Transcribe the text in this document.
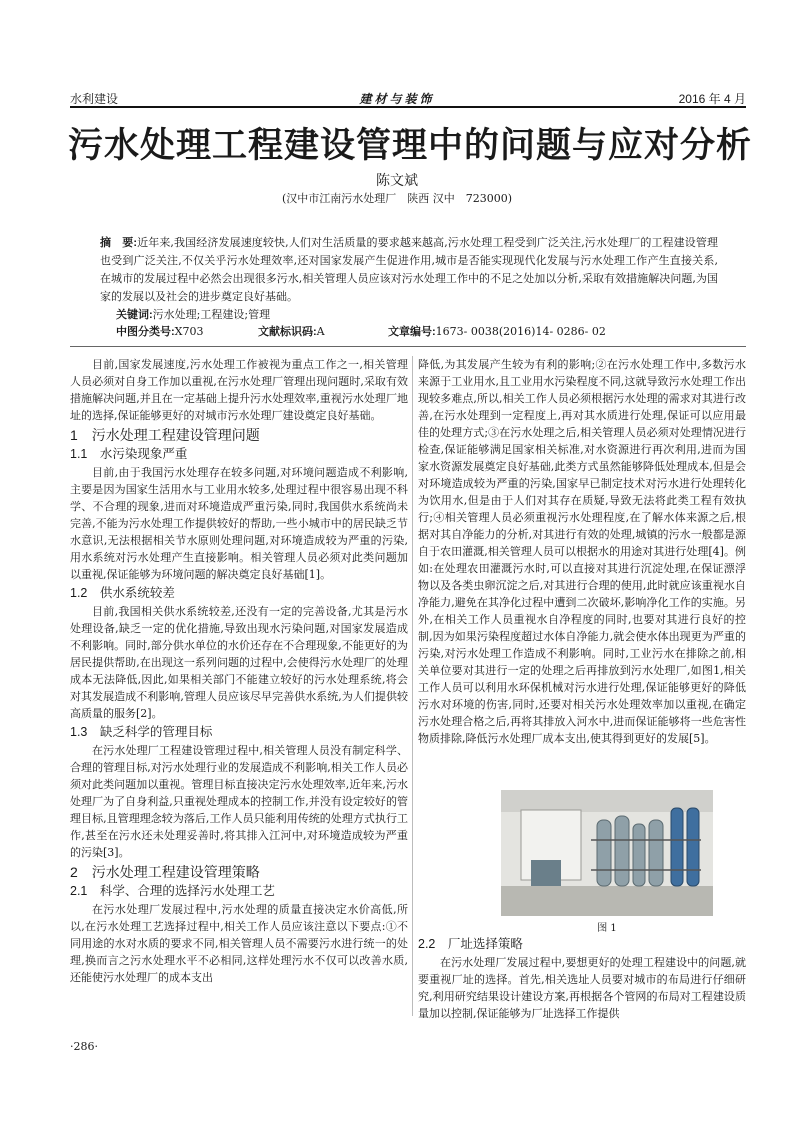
水利建设	建材与装饰	2016 年 4 月
污水处理工程建设管理中的问题与应对分析
陈文斌
(汉中市江南污水处理厂　陕西 汉中　723000)
摘　要:近年来,我国经济发展速度较快,人们对生活质量的要求越来越高,污水处理工程受到广泛关注,污水处理厂的工程建设管理也受到广泛关注,不仅关乎污水处理效率,还对国家发展产生促进作用,城市是否能实现现代化发展与污水处理工作产生直接关系,在城市的发展过程中必然会出现很多污水,相关管理人员应该对污水处理工作中的不足之处加以分析,采取有效措施解决问题,为国家的发展以及社会的进步奠定良好基础。
关键词:污水处理;工程建设;管理
中图分类号:X703	文献标识码:A	文章编号:1673- 0038(2016)14- 0286- 02

目前,国家发展速度,污水处理工作被视为重点工作之一,相关管理人员必须对自身工作加以重视,在污水处理厂管理出现问题时,采取有效措施解决问题,并且在一定基础上提升污水处理效率,重视污水处理厂地址的选择,保证能够更好的对城市污水处理厂建设奠定良好基础。

1　污水处理工程建设管理问题
1.1　水污染现象严重

目前,由于我国污水处理存在较多问题,对环境问题造成不利影响,主要是因为国家生活用水与工业用水较多,处理过程中很容易出现不科学、不合理的现象,进而对环境造成严重污染,同时,我国供水系统尚未完善,不能为污水处理工作提供较好的帮助,一些小城市中的居民缺乏节水意识,无法根据相关节水原则处理问题,对环境造成较为严重的污染,用水系统对污水处理产生直接影响。相关管理人员必须对此类问题加以重视,保证能够为环境问题的解决奠定良好基础[1]。

1.2　供水系统较差

目前,我国相关供水系统较差,还没有一定的完善设备,尤其是污水处理设备,缺乏一定的优化措施,导致出现水污染问题,对国家发展造成不利影响。同时,部分供水单位的水价还存在不合理现象,不能更好的为居民提供帮助,在出现这一系列问题的过程中,会使得污水处理厂的处理成本无法降低,因此,如果相关部门不能建立较好的污水处理系统,将会对其发展造成不利影响,管理人员应该尽早完善供水系统,为人们提供较高质量的服务[2]。

1.3　缺乏科学的管理目标

在污水处理厂工程建设管理过程中,相关管理人员没有制定科学、合理的管理目标,对污水处理行业的发展造成不利影响,相关工作人员必须对此类问题加以重视。管理目标直接决定污水处理效率,近年来,污水处理厂为了自身利益,只重视处理成本的控制工作,并没有设定较好的管理目标,且管理理念较为落后,工作人员只能利用传统的处理方式执行工作,甚至在污水还未处理妥善时,将其排入江河中,对环境造成较为严重的污染[3]。

2　污水处理工程建设管理策略
2.1　科学、合理的选择污水处理工艺

在污水处理厂发展过程中,污水处理的质量直接决定水价高低,所以,在污水处理工艺选择过程中,相关工作人员应该注意以下要点:①不同用途的水对水质的要求不同,相关管理人员不需要污水进行统一的处理,换而言之污水处理水平不必相同,这样处理污水不仅可以改善水质,还能使污水处理厂的成本支出

降低,为其发展产生较为有利的影响;②在污水处理工作中,多数污水来源于工业用水,且工业用水污染程度不同,这就导致污水处理工作出现较多难点,所以,相关工作人员必须根据污水处理的需求对其进行改善,在污水处理到一定程度上,再对其水质进行处理,保证可以应用最佳的处理方式;③在污水处理之后,相关管理人员必须对处理情况进行检查,保证能够满足国家相关标准,对水资源进行再次利用,进而为国家水资源发展奠定良好基础,此类方式虽然能够降低处理成本,但是会对环境造成较为严重的污染,国家早已制定技术对污水进行处理转化为饮用水,但是由于人们对其存在质疑,导致无法将此类工程有效执行;④相关管理人员必须重视污水处理程度,在了解水体来源之后,根据对其自净能力的分析,对其进行有效的处理,城镇的污水一般都是源自于农田灌溉,相关管理人员可以根据水的用途对其进行处理[4]。例如:在处理农田灌溉污水时,可以直接对其进行沉淀处理,在保证漂浮物以及各类虫卵沉淀之后,对其进行合理的使用,此时就应该重视水自净能力,避免在其净化过程中遭到二次破坏,影响净化工作的实施。另外,在相关工作人员重视水自净程度的同时,也要对其进行良好的控制,因为如果污染程度超过水体自净能力,就会使水体出现更为严重的污染,对污水处理工作造成不利影响。同时,工业污水在排除之前,相关单位要对其进行一定的处理之后再排放到污水处理厂,如图1,相关工作人员可以利用水环保机械对污水进行处理,保证能够更好的降低污水对环境的伤害,同时,还要对相关污水处理效率加以重视,在确定污水处理合格之后,再将其排放入河水中,进而保证能够将一些危害性物质排除,降低污水处理厂成本支出,使其得到更好的发展[5]。

图 1
2.2　厂址选择策略

在污水处理厂发展过程中,要想更好的处理工程建设中的问题,就要重视厂址的选择。首先,相关选址人员要对城市的布局进行仔细研究,利用研究结果设计建设方案,再根据各个管网的布局对工程建设质量加以控制,保证能够为厂址选择工作提供

·286·
